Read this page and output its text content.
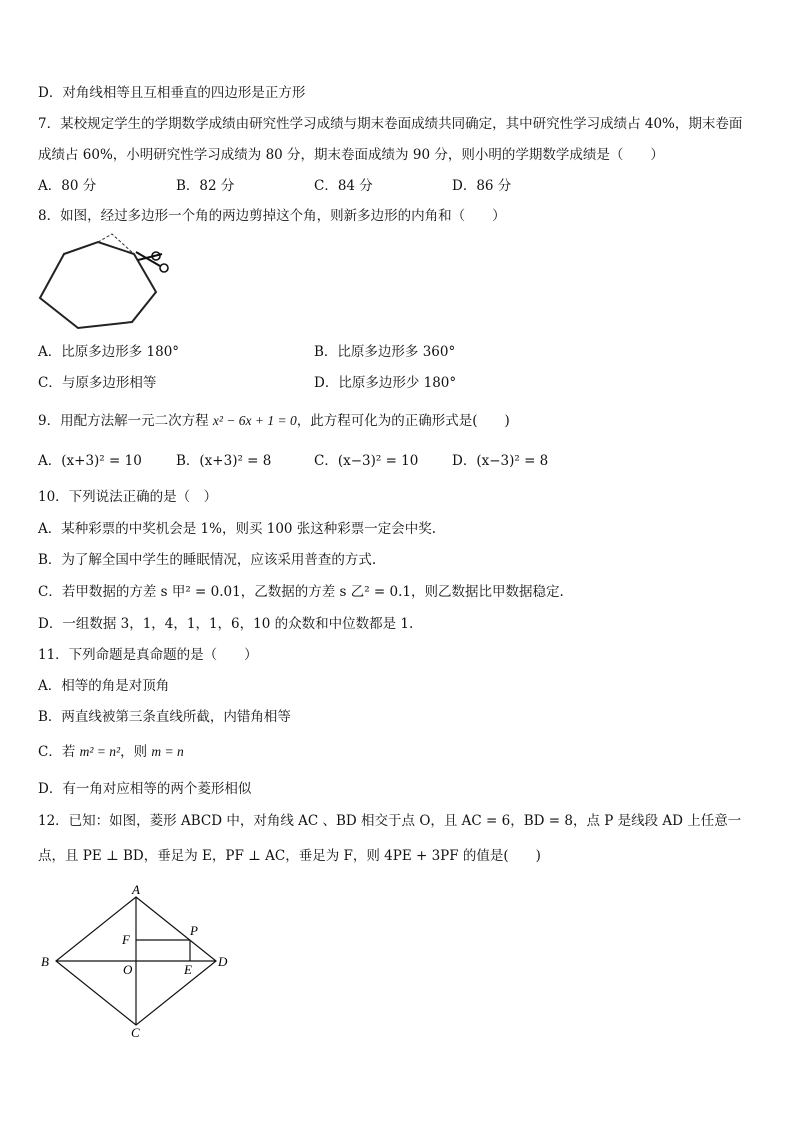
D．对角线相等且互相垂直的四边形是正方形
7．某校规定学生的学期数学成绩由研究性学习成绩与期末卷面成绩共同确定，其中研究性学习成绩占 40%，期末卷面
成绩占 60%，小明研究性学习成绩为 80 分，期末卷面成绩为 90 分，则小明的学期数学成绩是（　　）
A．80 分	B．82 分	C．84 分	D．86 分
8．如图，经过多边形一个角的两边剪掉这个角，则新多边形的内角和（　　）
A．比原多边形多 180°	B．比原多边形多 360°
C．与原多边形相等	D．比原多边形少 180°
9．用配方法解一元二次方程 x² − 6x + 1 = 0，此方程可化为的正确形式是(　　)
A．(x+3)² = 10	B．(x+3)² = 8	C．(x−3)² = 10 D．(x−3)² = 8
10．下列说法正确的是（　）
A．某种彩票的中奖机会是 1%，则买 100 张这种彩票一定会中奖.
B．为了解全国中学生的睡眠情况，应该采用普查的方式.
C．若甲数据的方差 s 甲² = 0.01，乙数据的方差 s 乙² = 0.1，则乙数据比甲数据稳定.
D．一组数据 3，1，4，1，1，6，10 的众数和中位数都是 1.
11．下列命题是真命题的是（　　）
A．相等的角是对顶角
B．两直线被第三条直线所截，内错角相等
C．若 m² = n²，则 m = n
D．有一角对应相等的两个菱形相似
12．已知：如图，菱形 ABCD 中，对角线 AC 、BD 相交于点 O，且 AC = 6，BD = 8，点 P 是线段 AD 上任意一
点，且 PE ⊥ BD，垂足为 E，PF ⊥ AC，垂足为 F，则 4PE + 3PF 的值是(　　)
A
B
C
D
O
P
E
F
